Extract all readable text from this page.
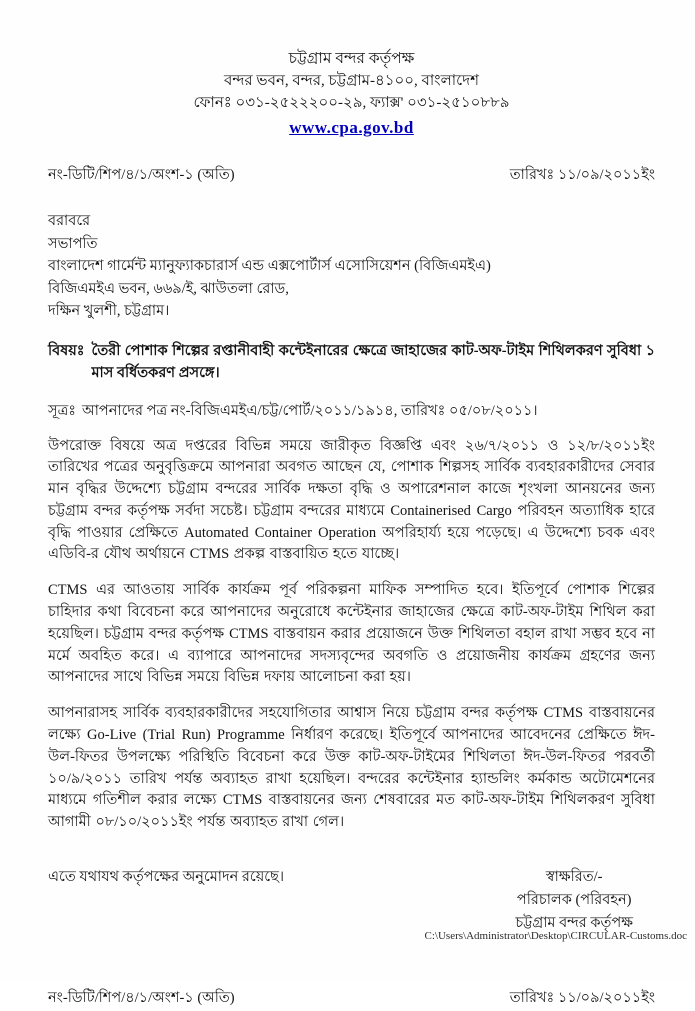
চট্টগ্রাম বন্দর কর্তৃপক্ষ
বন্দর ভবন, বন্দর, চট্টগ্রাম-৪১০০, বাংলাদেশ
ফোনঃ ০৩১-২৫২২২০০-২৯, ফ্যাক্স' ০৩১-২৫১০৮৮৯
www.cpa.gov.bd
নং-ডিটি/শিপ/৪/১/অংশ-১ (অতি)	তারিখঃ ১১/০৯/২০১১ইং
বরাবরে
সভাপতি
বাংলাদেশ গার্মেন্ট ম্যানুফ্যাকচারার্স এন্ড এক্সপোর্টার্স এসোসিয়েশন (বিজিএমইএ)
বিজিএমইএ ভবন, ৬৬৯/ই, ঝাউতলা রোড,
দক্ষিন খুলশী, চট্টগ্রাম।
বিষয়ঃ তৈরী পোশাক শিল্পের রপ্তানীবাহী কন্টেইনারের ক্ষেত্রে জাহাজের কাট-অফ-টাইম শিথিলকরণ সুবিধা ১ মাস বর্ধিতকরণ প্রসঙ্গে।
সূত্রঃ আপনাদের পত্র নং-বিজিএমইএ/চট্ট/পোর্ট/২০১১/১৯১৪, তারিখঃ ০৫/০৮/২০১১।

উপরোক্ত বিষয়ে অত্র দপ্তরের বিভিন্ন সময়ে জারীকৃত বিজ্ঞপ্তি এবং ২৬/৭/২০১১ ও ১২/৮/২০১১ইং তারিখের পত্রের অনুবৃত্তিক্রমে আপনারা অবগত আছেন যে, পোশাক শিল্পসহ সার্বিক ব্যবহারকারীদের সেবার মান বৃদ্ধির উদ্দেশ্যে চট্টগ্রাম বন্দরের সার্বিক দক্ষতা বৃদ্ধি ও অপারেশনাল কাজে শৃংখলা আনয়নের জন্য চট্টগ্রাম বন্দর কর্তৃপক্ষ সর্বদা সচেষ্ট। চট্টগ্রাম বন্দরের মাধ্যমে Containerised Cargo পরিবহন অত্যাধিক হারে বৃদ্ধি পাওয়ার প্রেক্ষিতে Automated Container Operation অপরিহার্য্য হয়ে পড়েছে। এ উদ্দেশ্যে চবক এবং এডিবি-র যৌথ অর্থায়নে CTMS প্রকল্প বাস্তবায়িত হতে যাচ্ছে।

CTMS এর আওতায় সার্বিক কার্যক্রম পূর্ব পরিকল্পনা মাফিক সম্পাদিত হবে। ইতিপূর্বে পোশাক শিল্পের চাহিদার কথা বিবেচনা করে আপনাদের অনুরোধে কন্টেইনার জাহাজের ক্ষেত্রে কাট-অফ-টাইম শিথিল করা হয়েছিল। চট্টগ্রাম বন্দর কর্তৃপক্ষ CTMS বাস্তবায়ন করার প্রয়োজনে উক্ত শিথিলতা বহাল রাখা সম্ভব হবে না মর্মে অবহিত করে। এ ব্যাপারে আপনাদের সদস্যবৃন্দের অবগতি ও প্রয়োজনীয় কার্যক্রম গ্রহণের জন্য আপনাদের সাথে বিভিন্ন সময়ে বিভিন্ন দফায় আলোচনা করা হয়।

আপনারাসহ সার্বিক ব্যবহারকারীদের সহযোগিতার আশ্বাস নিয়ে চট্টগ্রাম বন্দর কর্তৃপক্ষ CTMS বাস্তবায়নের লক্ষ্যে Go-Live (Trial Run) Programme নির্ধারণ করেছে। ইতিপূর্বে আপনাদের আবেদনের প্রেক্ষিতে ঈদ-উল-ফিতর উপলক্ষ্যে পরিস্থিতি বিবেচনা করে উক্ত কাট-অফ-টাইমের শিথিলতা ঈদ-উল-ফিতর পরবর্তী ১০/৯/২০১১ তারিখ পর্যন্ত অব্যাহত রাখা হয়েছিল। বন্দরের কন্টেইনার হ্যান্ডলিং কর্মকান্ড অটোমেশনের মাধ্যমে গতিশীল করার লক্ষ্যে CTMS বাস্তবায়নের জন্য শেষবারের মত কাট-অফ-টাইম শিথিলকরণ সুবিধা আগামী ০৮/১০/২০১১ইং পর্যন্ত অব্যাহত রাখা গেল।

এতে যথাযথ কর্তৃপক্ষের অনুমোদন রয়েছে।	স্বাক্ষরিত/-
পরিচালক (পরিবহন)
চট্টগ্রাম বন্দর কর্তৃপক্ষ
নং-ডিটি/শিপ/৪/১/অংশ-১ (অতি)	তারিখঃ ১১/০৯/২০১১ইং
C:\Users\Administrator\Desktop\CIRCULAR-Customs.doc
